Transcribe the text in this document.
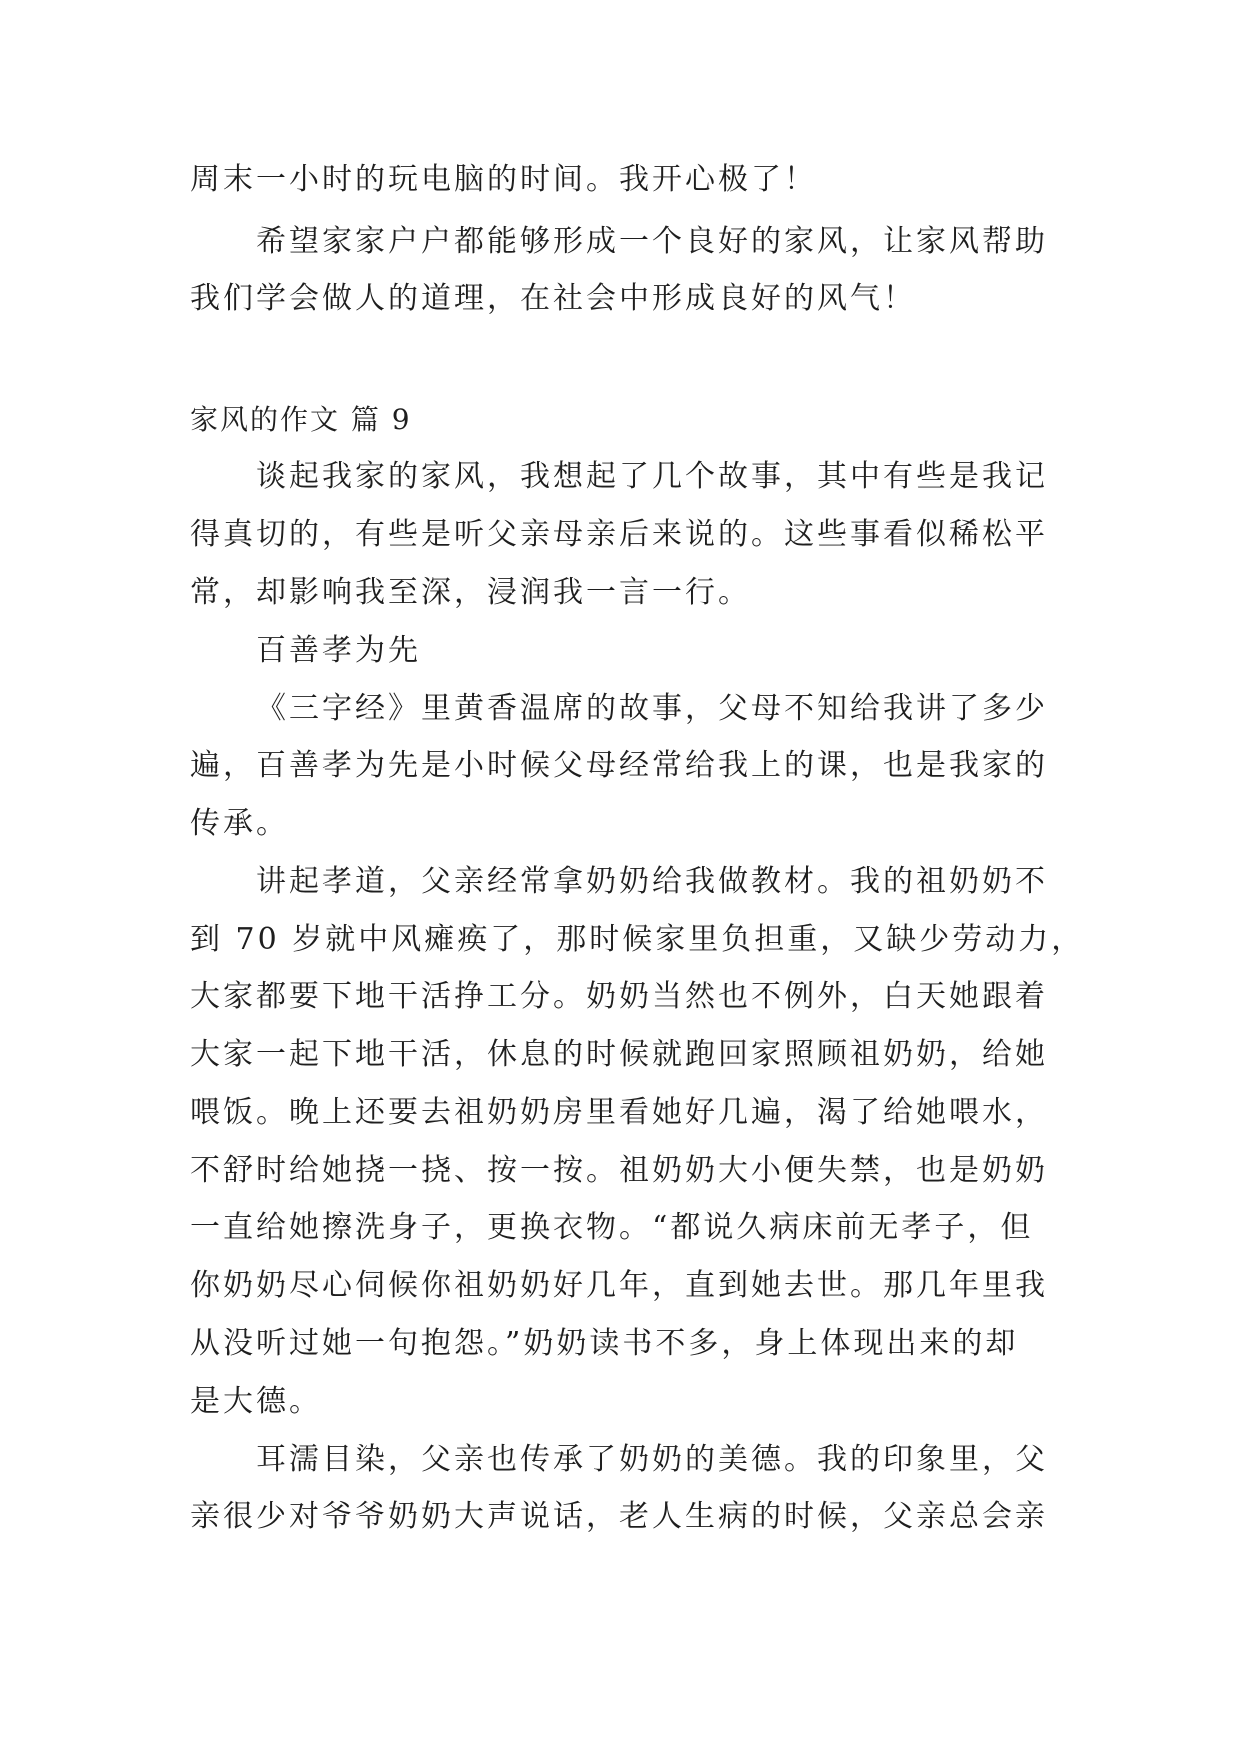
周末一小时的玩电脑的时间。我开心极了！

希望家家户户都能够形成一个良好的家风，让家风帮助

我们学会做人的道理，在社会中形成良好的风气！

家风的作文 篇 9

谈起我家的家风，我想起了几个故事，其中有些是我记

得真切的，有些是听父亲母亲后来说的。这些事看似稀松平

常，却影响我至深，浸润我一言一行。

百善孝为先

《三字经》里黄香温席的故事，父母不知给我讲了多少

遍，百善孝为先是小时候父母经常给我上的课，也是我家的

传承。

讲起孝道，父亲经常拿奶奶给我做教材。我的祖奶奶不

到 70 岁就中风瘫痪了，那时候家里负担重，又缺少劳动力，

大家都要下地干活挣工分。奶奶当然也不例外，白天她跟着

大家一起下地干活，休息的时候就跑回家照顾祖奶奶，给她

喂饭。晚上还要去祖奶奶房里看她好几遍，渴了给她喂水，

不舒时给她挠一挠、按一按。祖奶奶大小便失禁，也是奶奶

一直给她擦洗身子，更换衣物。“都说久病床前无孝子，但

你奶奶尽心伺候你祖奶奶好几年，直到她去世。那几年里我

从没听过她一句抱怨。”奶奶读书不多，身上体现出来的却

是大德。

耳濡目染，父亲也传承了奶奶的美德。我的印象里，父

亲很少对爷爷奶奶大声说话，老人生病的时候，父亲总会亲
